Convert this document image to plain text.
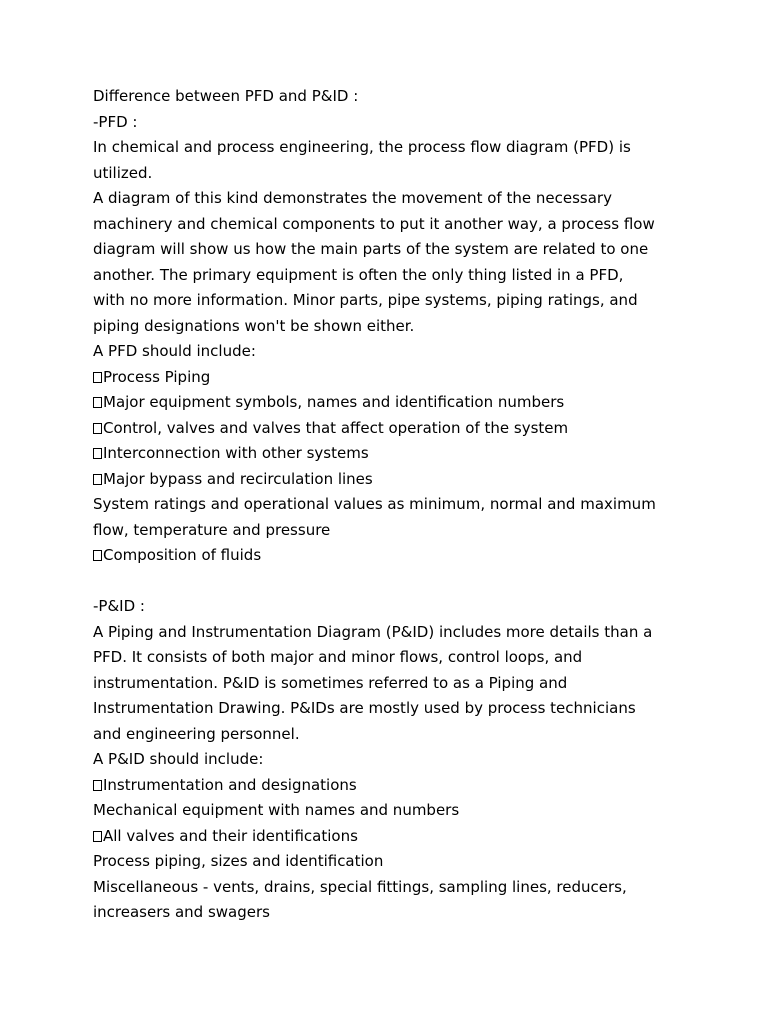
Difference between PFD and P&ID :
-PFD :
In chemical and process engineering, the process flow diagram (PFD) is
utilized.
A diagram of this kind demonstrates the movement of the necessary
machinery and chemical components to put it another way, a process flow
diagram will show us how the main parts of the system are related to one
another. The primary equipment is often the only thing listed in a PFD,
with no more information. Minor parts, pipe systems, piping ratings, and
piping designations won't be shown either.
A PFD should include:
Process Piping
Major equipment symbols, names and identification numbers
Control, valves and valves that affect operation of the system
Interconnection with other systems
Major bypass and recirculation lines
System ratings and operational values as minimum, normal and maximum
flow, temperature and pressure
Composition of fluids
-P&ID :
A Piping and Instrumentation Diagram (P&ID) includes more details than a
PFD. It consists of both major and minor flows, control loops, and
instrumentation. P&ID is sometimes referred to as a Piping and
Instrumentation Drawing. P&IDs are mostly used by process technicians
and engineering personnel.
A P&ID should include:
Instrumentation and designations
Mechanical equipment with names and numbers
All valves and their identifications
Process piping, sizes and identification
Miscellaneous - vents, drains, special fittings, sampling lines, reducers,
increasers and swagers
